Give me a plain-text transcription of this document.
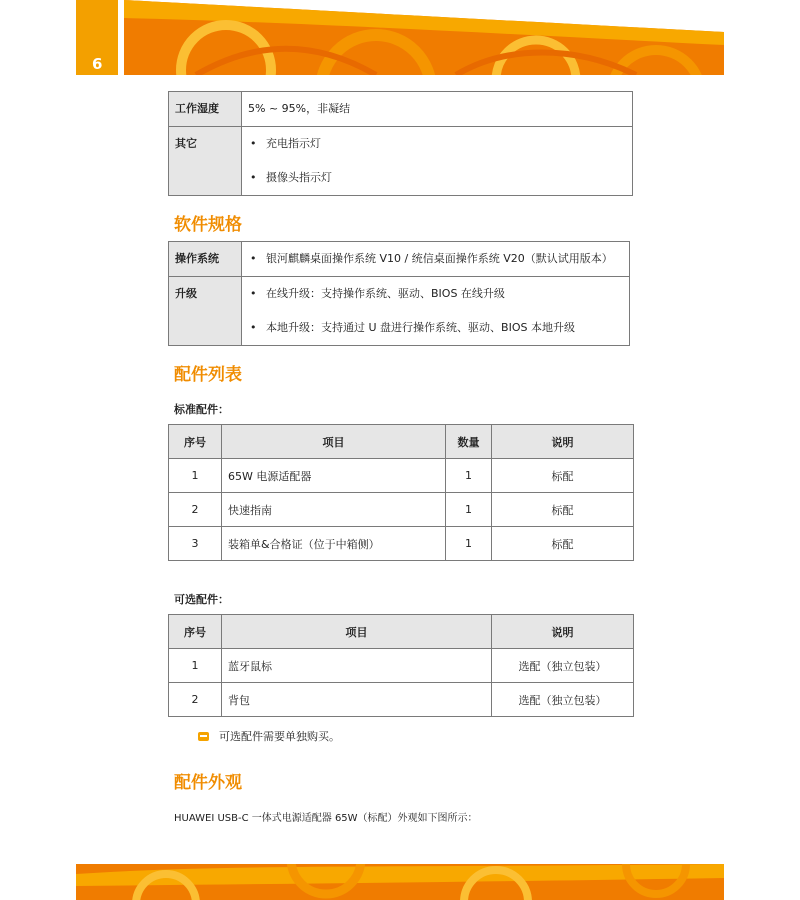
6
工作湿度	5% ~ 95%，非凝结

其它	• 充电指示灯
• 摄像头指示灯
软件规格
操作系统	• 银河麒麟桌面操作系统 V10 / 统信桌面操作系统 V20（默认试用版本）

升级	• 在线升级：支持操作系统、驱动、BIOS 在线升级
• 本地升级：支持通过 U 盘进行操作系统、驱动、BIOS 本地升级
配件列表
标准配件：
序号	项目	数量	说明
1	65W 电源适配器	1	标配
2	快速指南	1	标配
3	装箱单&合格证（位于中箱侧）	1	标配
可选配件：
序号	项目	说明
1	蓝牙鼠标	选配（独立包装）
2	背包	选配（独立包装）
可选配件需要单独购买。
配件外观
HUAWEI USB-C 一体式电源适配器 65W（标配）外观如下图所示：
